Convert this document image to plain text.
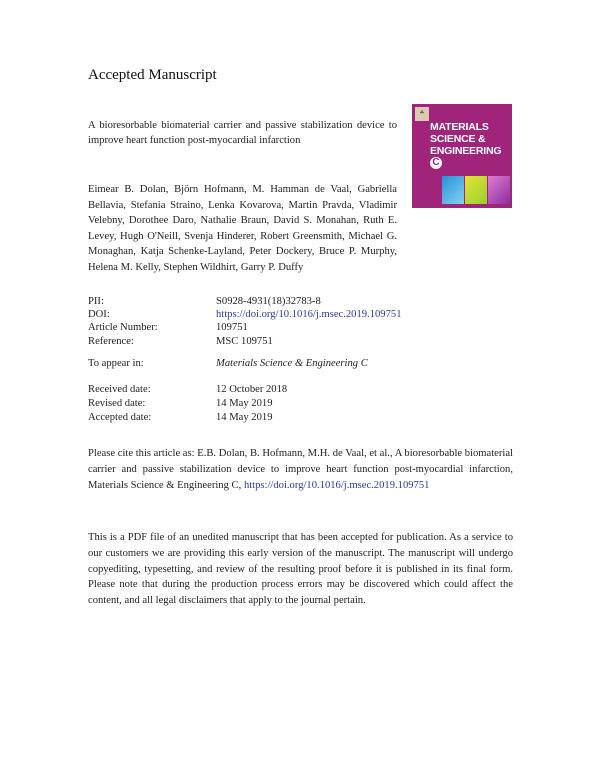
Accepted Manuscript
A bioresorbable biomaterial carrier and passive stabilization device to improve heart function post-myocardial infarction
☘
MATERIALS
SCIENCE &
ENGINEERING
C
Eimear B. Dolan, Björn Hofmann, M. Hamman de Vaal, Gabriella Bellavia, Stefania Straino, Lenka Kovarova, Martin Pravda, Vladimir Velebny, Dorothee Daro, Nathalie Braun, David S. Monahan, Ruth E. Levey, Hugh O'Neill, Svenja Hinderer, Robert Greensmith, Michael G. Monaghan, Katja Schenke-Layland, Peter Dockery, Bruce P. Murphy, Helena M. Kelly, Stephen Wildhirt, Garry P. Duffy
PII:	S0928-4931(18)32783-8
DOI:	https://doi.org/10.1016/j.msec.2019.109751
Article Number:	109751
Reference:	MSC 109751
To appear in:	Materials Science & Engineering C
Received date:	12 October 2018
Revised date:	14 May 2019
Accepted date:	14 May 2019
Please cite this article as: E.B. Dolan, B. Hofmann, M.H. de Vaal, et al., A bioresorbable biomaterial carrier and passive stabilization device to improve heart function post-myocardial infarction, Materials Science & Engineering C, https://doi.org/10.1016/j.msec.2019.109751
This is a PDF file of an unedited manuscript that has been accepted for publication. As a service to our customers we are providing this early version of the manuscript. The manuscript will undergo copyediting, typesetting, and review of the resulting proof before it is published in its final form. Please note that during the production process errors may be discovered which could affect the content, and all legal disclaimers that apply to the journal pertain.
